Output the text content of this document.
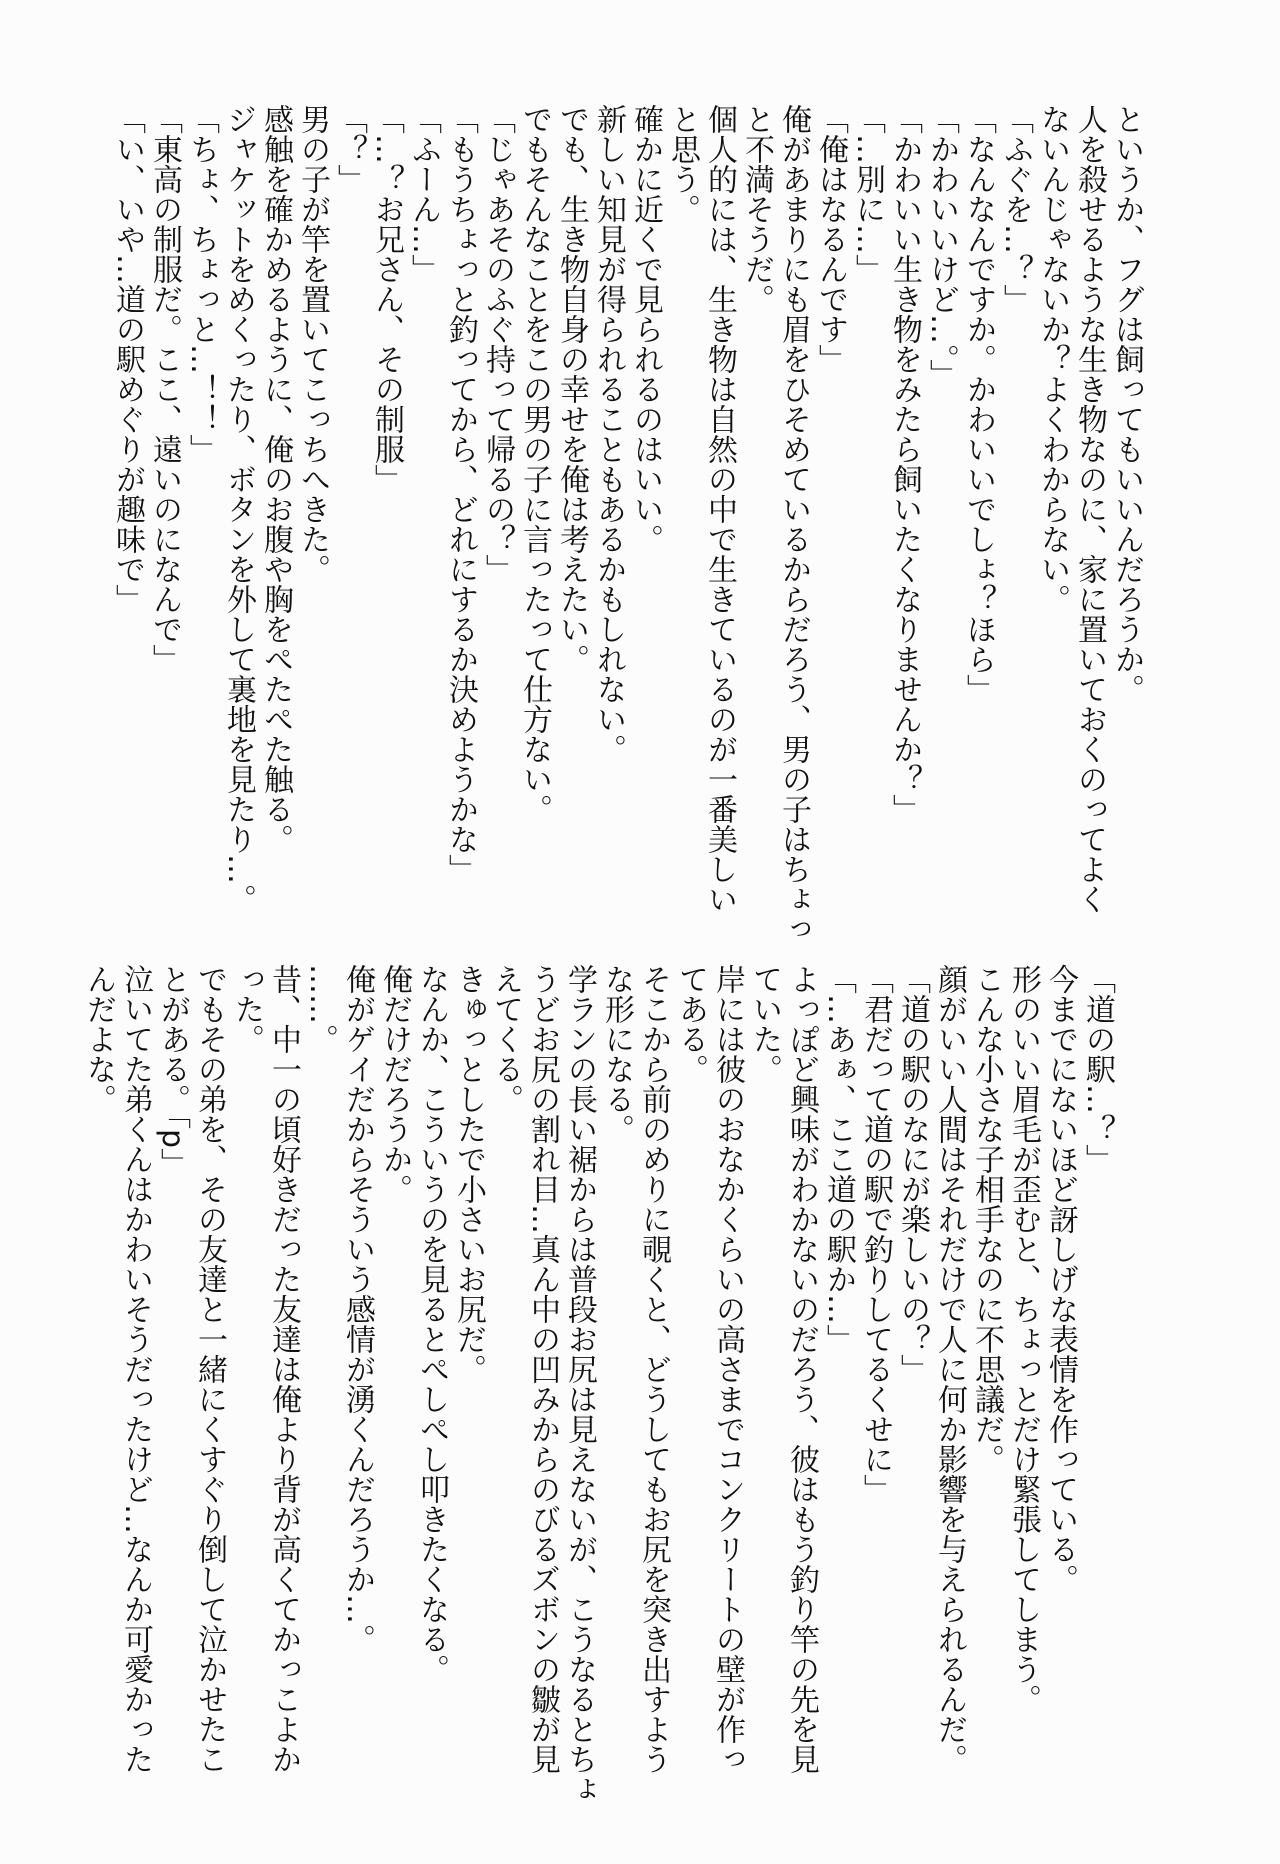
というか、フグは飼ってもいいんだろうか。
人を殺せるような生き物なのに、家に置いておくのってよく
ないんじゃないか？よくわからない。
「ふぐを…？」
「なんなんですか。かわいいでしょ？ほら」
「かわいいけど…。」
「かわいい生き物をみたら飼いたくなりませんか？」
「…別に…」
「俺はなるんです」
俺があまりにも眉をひそめているからだろう、男の子はちょっ
と不満そうだ。
個人的には、生き物は自然の中で生きているのが一番美しい
と思う。
確かに近くで見られるのはいい。
新しい知見が得られることもあるかもしれない。
でも、生き物自身の幸せを俺は考えたい。
でもそんなことをこの男の子に言ったって仕方ない。
「じゃあそのふぐ持って帰るの？」
「もうちょっと釣ってから、どれにするか決めようかな」
「ふーん…」
「…？お兄さん、その制服」
「？」
男の子が竿を置いてこっちへきた。
感触を確かめるように、俺のお腹や胸をぺたぺた触る。
ジャケットをめくったり、ボタンを外して裏地を見たり…。
「ちょ、ちょっと…！！」
「東高の制服だ。ここ、遠いのになんで」
「い、いや…道の駅めぐりが趣味で」
「道の駅…？」
今までにないほど訝しげな表情を作っている。
形のいい眉毛が歪むと、ちょっとだけ緊張してしまう。
こんな小さな子相手なのに不思議だ。
顔がいい人間はそれだけで人に何か影響を与えられるんだ。
「道の駅のなにが楽しいの？」
「君だって道の駅で釣りしてるくせに」
「…あぁ、ここ道の駅か…」
よっぽど興味がわかないのだろう、彼はもう釣り竿の先を見
ていた。
岸には彼のおなかくらいの高さまでコンクリートの壁が作っ
てある。
そこから前のめりに覗くと、どうしてもお尻を突き出すよう
な形になる。
学ランの長い裾からは普段お尻は見えないが、こうなるとちょ
うどお尻の割れ目…真ん中の凹みからのびるズボンの皺が見
えてくる。
きゅっとしたで小さいお尻だ。
なんか、こういうのを見るとぺしぺし叩きたくなる。
俺だけだろうか。
俺がゲイだからそういう感情が湧くんだろうか…。
……。
昔、中一の頃好きだった友達は俺より背が高くてかっこよか
った。
でもその弟を、その友達と一緒にくすぐり倒して泣かせたこ
とがある。「p」
泣いてた弟くんはかわいそうだったけど…なんか可愛かった
んだよな。
